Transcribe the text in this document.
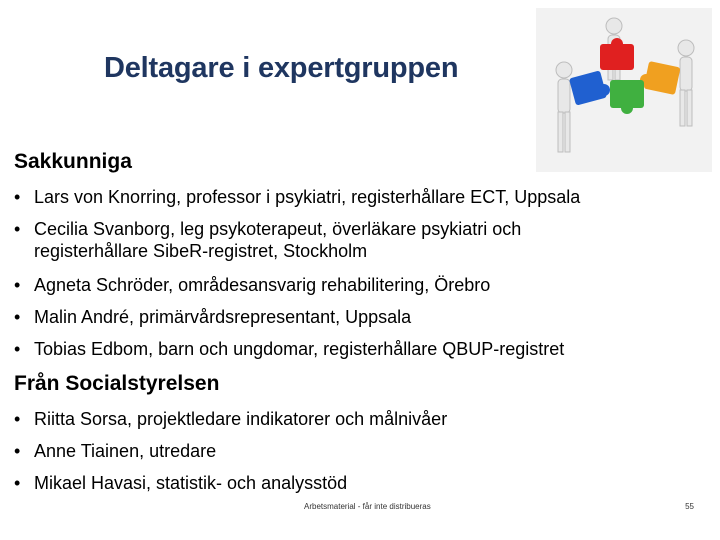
Deltagare i expertgruppen
Sakkunniga
• Lars von Knorring, professor i psykiatri, registerhållare ECT, Uppsala
• Cecilia Svanborg, leg psykoterapeut, överläkare psykiatri och registerhållare SibeR-registret, Stockholm
• Agneta Schröder, områdesansvarig rehabilitering, Örebro
• Malin André, primärvårdsrepresentant, Uppsala
• Tobias Edbom, barn och ungdomar, registerhållare QBUP-registret
Från Socialstyrelsen
• Riitta Sorsa, projektledare indikatorer och målnivåer
• Anne Tiainen, utredare
• Mikael Havasi, statistik- och analysstöd
Arbetsmaterial - får inte distribueras	55
